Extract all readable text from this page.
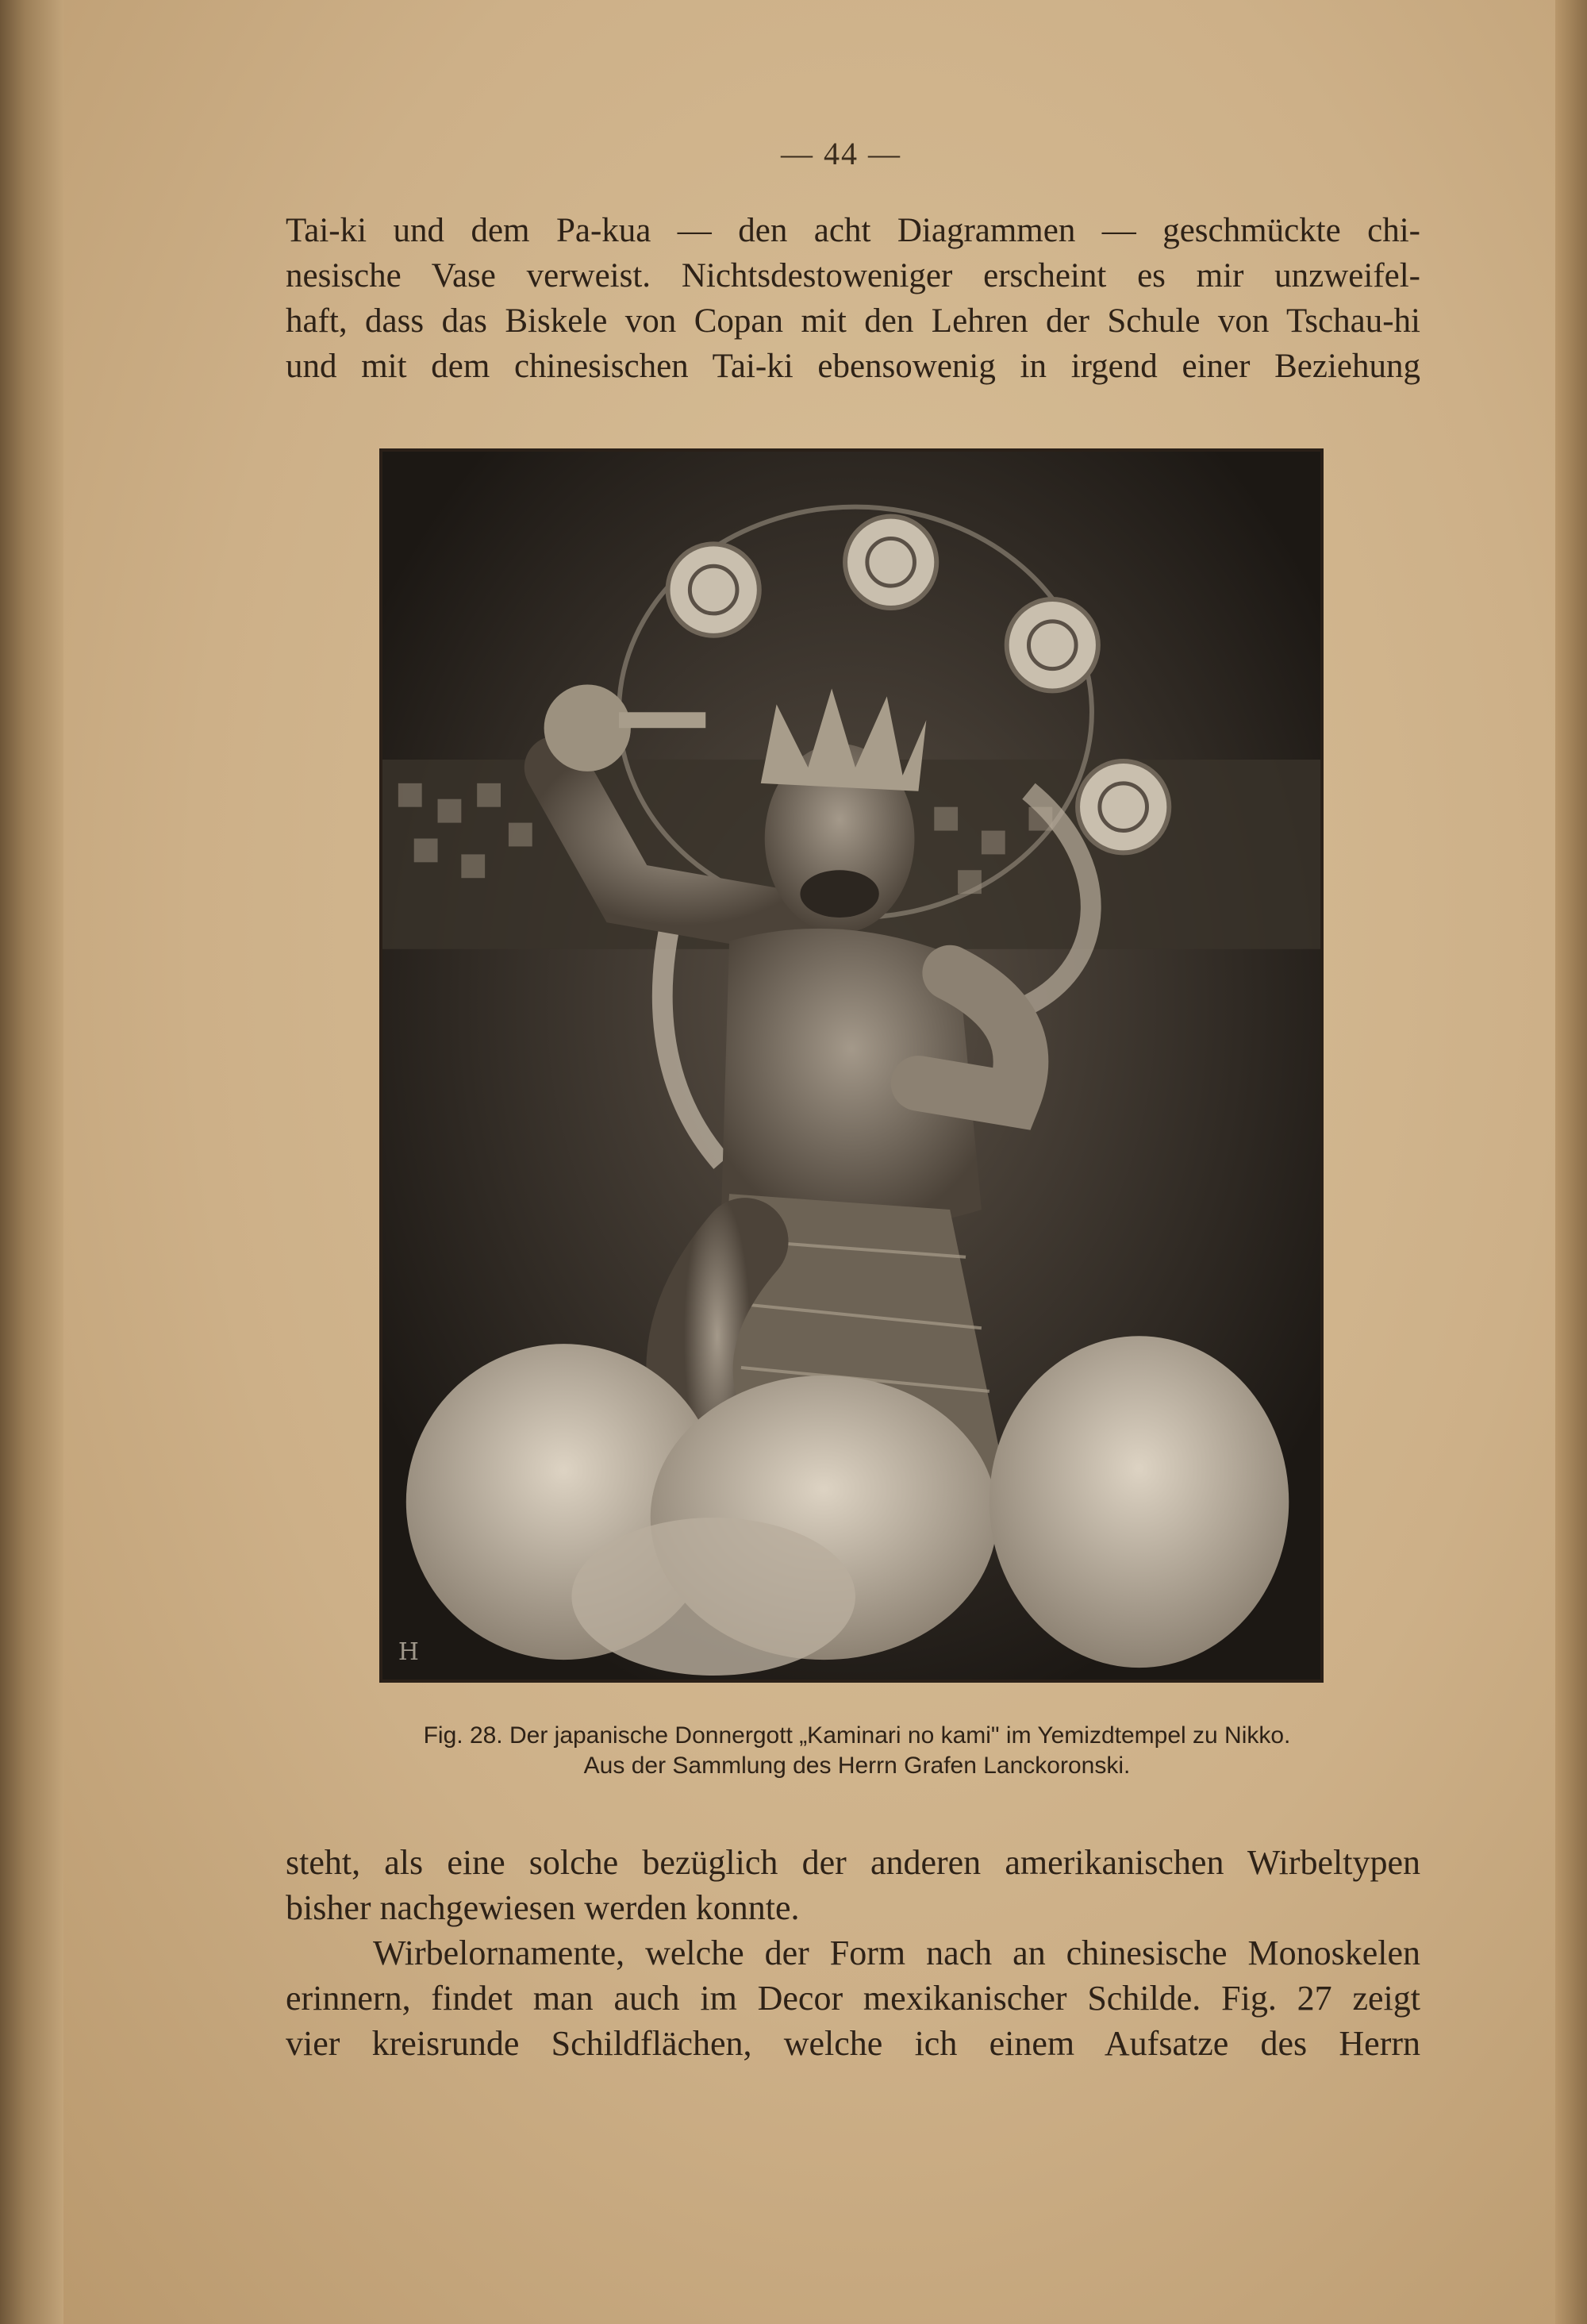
— 44 —
Tai-ki und dem Pa-kua — den acht Diagrammen — geschmückte chi-
nesische Vase verweist. Nichtsdestoweniger erscheint es mir unzweifel-
haft, dass das Biskele von Copan mit den Lehren der Schule von Tschau-hi
und mit dem chinesischen Tai-ki ebensowenig in irgend einer Beziehung
H
Fig. 28. Der japanische Donnergott „Kaminari no kami" im Yemizdtempel zu Nikko.
Aus der Sammlung des Herrn Grafen Lanckoronski.
steht, als eine solche bezüglich der anderen amerikanischen Wirbeltypen
bisher nachgewiesen werden konnte.
Wirbelornamente, welche der Form nach an chinesische Monoskelen
erinnern, findet man auch im Decor mexikanischer Schilde. Fig. 27 zeigt
vier kreisrunde Schildflächen, welche ich einem Aufsatze des Herrn
